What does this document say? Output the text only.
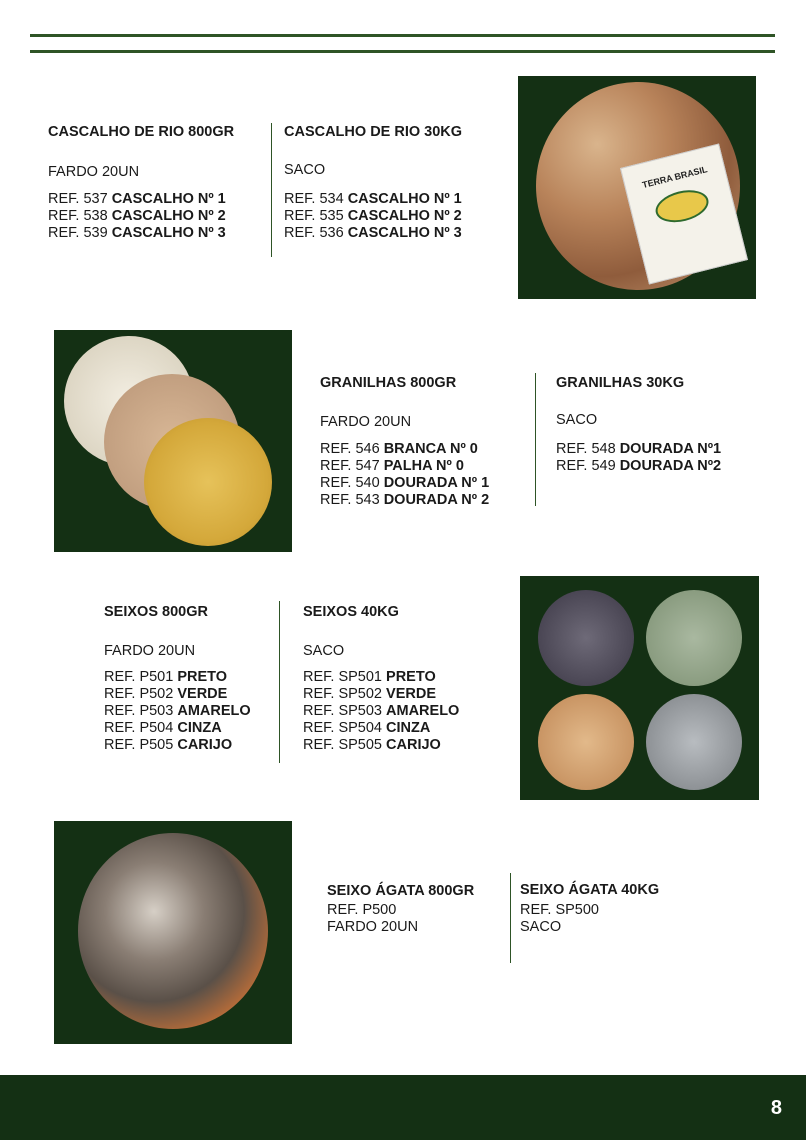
CASCALHO DE RIO 800GR
FARDO 20UN
REF. 537 CASCALHO Nº 1
REF. 538 CASCALHO Nº 2
REF. 539 CASCALHO Nº 3
CASCALHO DE RIO 30KG
SACO
REF. 534 CASCALHO Nº 1
REF. 535 CASCALHO Nº 2
REF. 536 CASCALHO Nº 3
TERRA BRASIL
GRANILHAS 800GR
FARDO 20UN
REF. 546 BRANCA Nº 0
REF. 547 PALHA Nº 0
REF. 540 DOURADA Nº 1
REF. 543 DOURADA Nº 2
GRANILHAS 30KG
SACO
REF. 548 DOURADA Nº1
REF. 549 DOURADA Nº2
SEIXOS 800GR
FARDO 20UN
REF. P501 PRETO
REF. P502 VERDE
REF. P503 AMARELO
REF. P504 CINZA
REF. P505 CARIJO
SEIXOS 40KG
SACO
REF. SP501 PRETO
REF. SP502 VERDE
REF. SP503 AMARELO
REF. SP504 CINZA
REF. SP505 CARIJO
SEIXO ÁGATA 800GR
REF. P500
FARDO 20UN
SEIXO ÁGATA 40KG
REF. SP500
SACO
8
